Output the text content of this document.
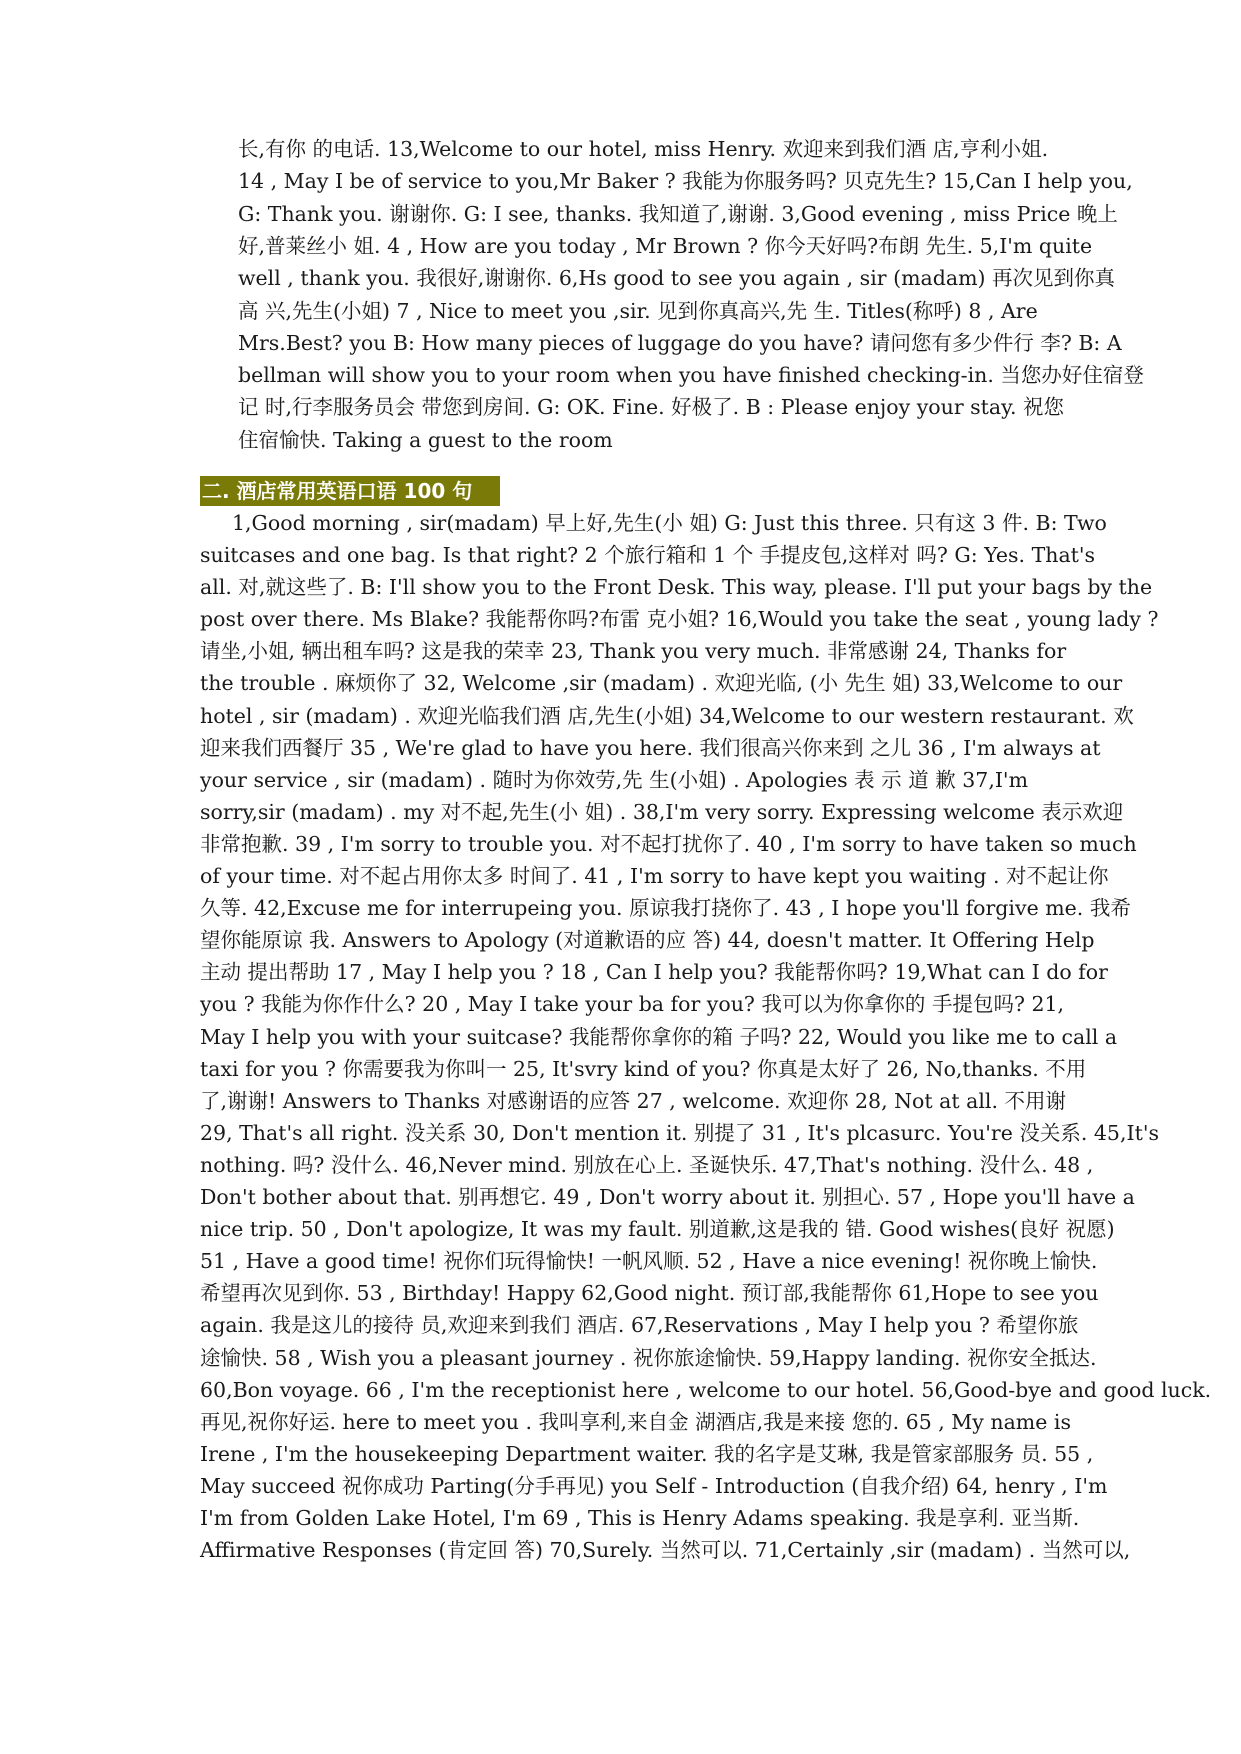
长,有你 的电话. 13,Welcome to our hotel, miss Henry. 欢迎来到我们酒 店,亨利小姐.
14 , May I be of service to you,Mr Baker ? 我能为你服务吗? 贝克先生? 15,Can I help you,
G: Thank you. 谢谢你. G: I see, thanks. 我知道了,谢谢. 3,Good evening , miss Price 晚上
好,普莱丝小 姐. 4 , How are you today , Mr Brown ? 你今天好吗?布朗 先生. 5,I'm quite
well , thank you. 我很好,谢谢你. 6,Hs good to see you again , sir (madam) 再次见到你真
高 兴,先生(小姐) 7 , Nice to meet you ,sir. 见到你真高兴,先 生. Titles(称呼) 8 , Are
Mrs.Best? you B: How many pieces of luggage do you have? 请问您有多少件行 李? B: A
bellman will show you to your room when you have finished checking-in. 当您办好住宿登
记 时,行李服务员会 带您到房间. G: OK. Fine. 好极了. B : Please enjoy your stay. 祝您
住宿愉快. Taking a guest to the room
二. 酒店常用英语口语 100 句
1,Good morning , sir(madam) 早上好,先生(小 姐) G: Just this three. 只有这 3 件. B: Two
suitcases and one bag. Is that right? 2 个旅行箱和 1 个 手提皮包,这样对 吗? G: Yes. That's
all. 对,就这些了. B: I'll show you to the Front Desk. This way, please. I'll put your bags by the
post over there. Ms Blake? 我能帮你吗?布雷 克小姐? 16,Would you take the seat , young lady ?
请坐,小姐, 辆出租车吗? 这是我的荣幸 23, Thank you very much. 非常感谢 24, Thanks for
the trouble . 麻烦你了 32, Welcome ,sir (madam) . 欢迎光临, (小 先生 姐) 33,Welcome to our
hotel , sir (madam) . 欢迎光临我们酒 店,先生(小姐) 34,Welcome to our western restaurant. 欢
迎来我们西餐厅 35 , We're glad to have you here. 我们很高兴你来到 之儿 36 , I'm always at
your service , sir (madam) . 随时为你效劳,先 生(小姐) . Apologies 表 示 道 歉 37,I'm
sorry,sir (madam) . my 对不起,先生(小 姐) . 38,I'm very sorry. Expressing welcome 表示欢迎
非常抱歉. 39 , I'm sorry to trouble you. 对不起打扰你了. 40 , I'm sorry to have taken so much
of your time. 对不起占用你太多 时间了. 41 , I'm sorry to have kept you waiting . 对不起让你
久等. 42,Excuse me for interrupeing you. 原谅我打挠你了. 43 , I hope you'll forgive me. 我希
望你能原谅 我. Answers to Apology (对道歉语的应 答) 44, doesn't matter. It Offering Help
主动 提出帮助 17 , May I help you ? 18 , Can I help you? 我能帮你吗? 19,What can I do for
you ? 我能为你作什么? 20 , May I take your ba for you? 我可以为你拿你的 手提包吗? 21,
May I help you with your suitcase? 我能帮你拿你的箱 子吗? 22, Would you like me to call a
taxi for you ? 你需要我为你叫一 25, It'svry kind of you? 你真是太好了 26, No,thanks. 不用
了,谢谢! Answers to Thanks 对感谢语的应答 27 , welcome. 欢迎你 28, Not at all. 不用谢
29, That's all right. 没关系 30, Don't mention it. 别提了 31 , It's plcasurc. You're 没关系. 45,It's
nothing. 吗? 没什么. 46,Never mind. 别放在心上. 圣诞快乐. 47,That's nothing. 没什么. 48 ,
Don't bother about that. 别再想它. 49 , Don't worry about it. 别担心. 57 , Hope you'll have a
nice trip. 50 , Don't apologize, It was my fault. 别道歉,这是我的 错. Good wishes(良好 祝愿)
51 , Have a good time! 祝你们玩得愉快! 一帆风顺. 52 , Have a nice evening! 祝你晚上愉快.
希望再次见到你. 53 , Birthday! Happy 62,Good night. 预订部,我能帮你 61,Hope to see you
again. 我是这儿的接待 员,欢迎来到我们 酒店. 67,Reservations , May I help you ? 希望你旅
途愉快. 58 , Wish you a pleasant journey . 祝你旅途愉快. 59,Happy landing. 祝你安全抵达.
60,Bon voyage. 66 , I'm the receptionist here , welcome to our hotel. 56,Good-bye and good luck.
再见,祝你好运. here to meet you . 我叫享利,来自金 湖酒店,我是来接 您的. 65 , My name is
Irene , I'm the housekeeping Department waiter. 我的名字是艾琳, 我是管家部服务 员. 55 ,
May succeed 祝你成功 Parting(分手再见) you Self - Introduction (自我介绍) 64, henry , I'm
I'm from Golden Lake Hotel, I'm 69 , This is Henry Adams speaking. 我是享利. 亚当斯.
Affirmative Responses (肯定回 答) 70,Surely. 当然可以. 71,Certainly ,sir (madam) . 当然可以,
